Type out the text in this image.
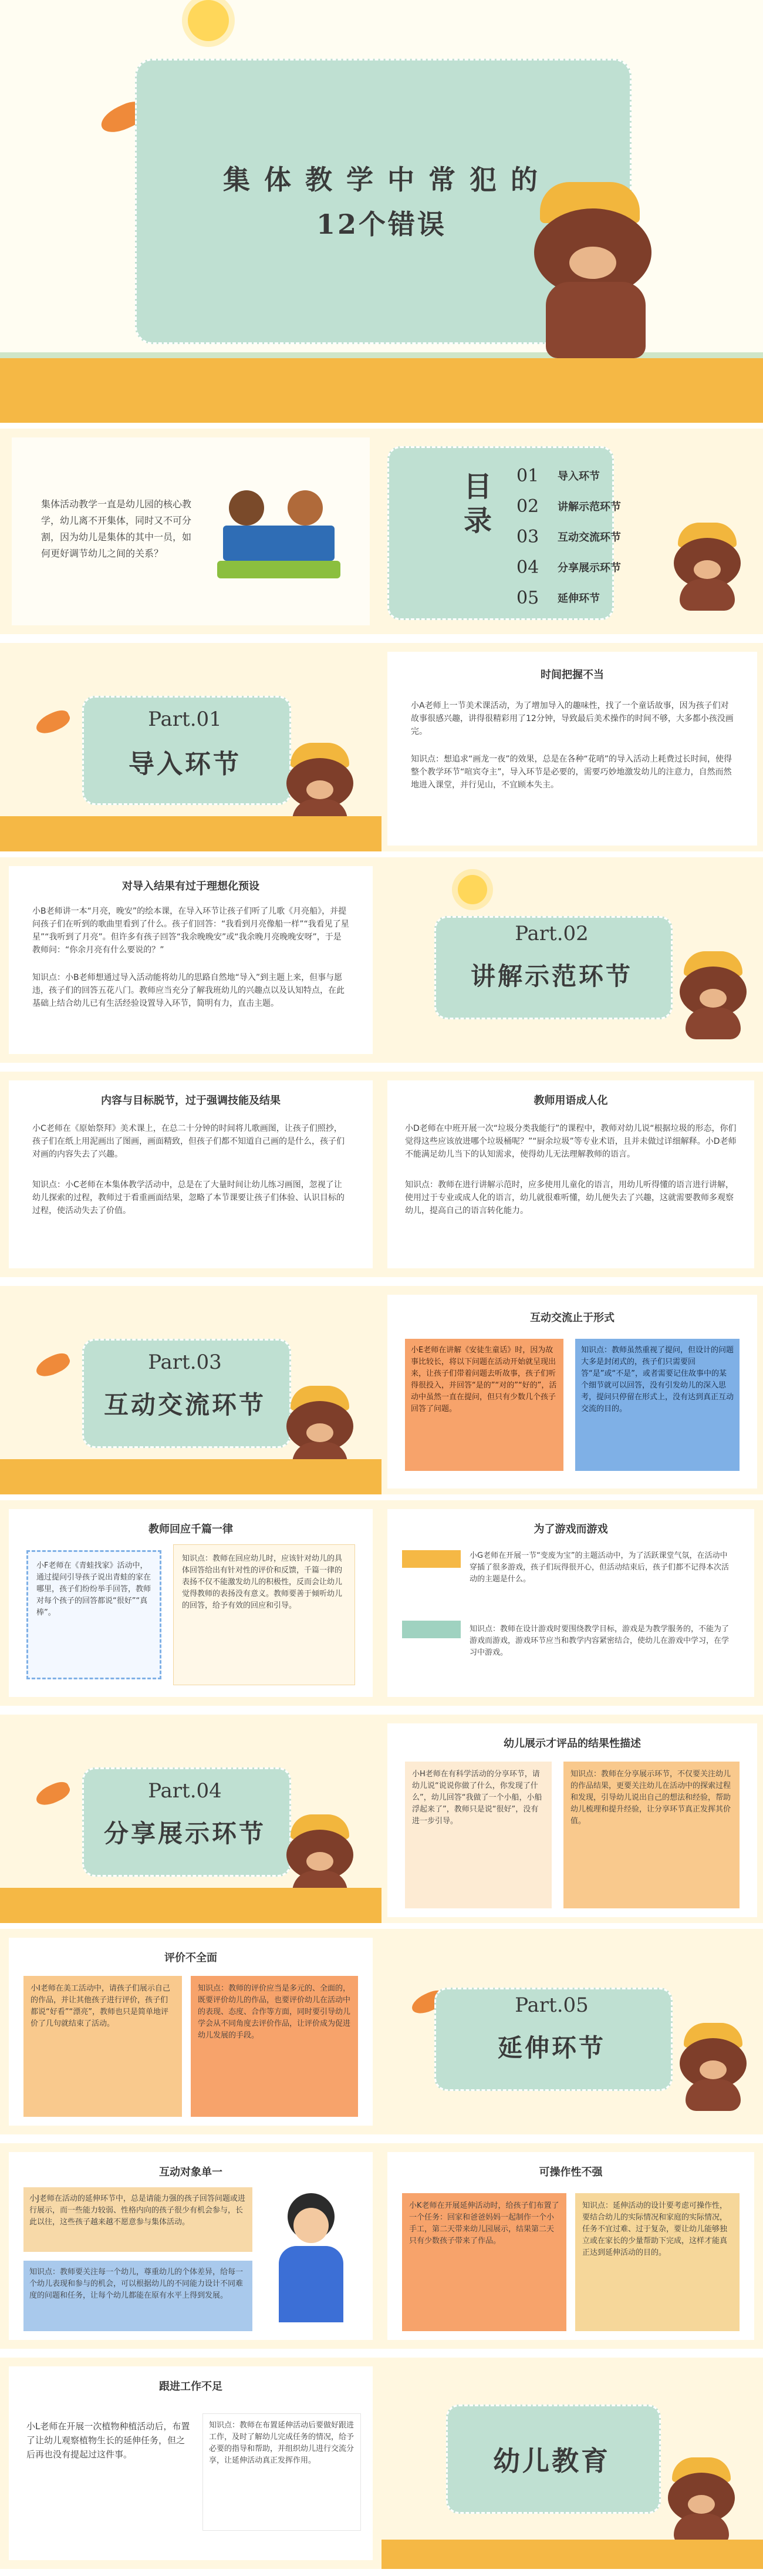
集 体 教 学 中 常 犯 的
12个错误

集体活动教学一直是幼儿园的核心教学，幼儿离不开集体，同时又不可分割，因为幼儿是集体的其中一员，如何更好调节幼儿之间的关系？

目录
01	导入环节
02	讲解示范环节
03	互动交流环节
04	分享展示环节
05	延伸环节
Part.01
导入环节
时间把握不当

小A老师上一节美术课活动，为了增加导入的趣味性，找了一个童话故事，因为孩子们对故事很感兴趣，讲得很精彩用了12分钟，导致最后美术操作的时间不够，大多都小孩没画完。

知识点：想追求“画龙一夜”的效果，总是在各种“花哨”的导入活动上耗费过长时间，使得整个教学环节“喧宾夺主”，导入环节是必要的，需要巧妙地激发幼儿的注意力，自然而然地进入课堂，并行见山，不宜顾本失主。

对导入结果有过于理想化预设

小B老师讲一本“月亮，晚安”的绘本课，在导入环节让孩子们听了儿歌《月亮船》，并提问孩子们在听到的歌曲里看到了什么。孩子们回答：“我看到月亮像船一样”“我看见了星星”“我听到了月亮”。但许多有孩子回答“我余晚晚安”或“我余晚月亮晚晚安呀”，于是教师问：“你余月亮有什么要说的？”

知识点：小B老师想通过导入活动能将幼儿的思路自然地“导入”到主题上来，但事与愿违，孩子们的回答五花八门。教师应当充分了解我班幼儿的兴趣点以及认知特点，在此基础上结合幼儿已有生活经验设置导入环节，简明有力，直击主题。

Part.02
讲解示范环节
内容与目标脱节，过于强调技能及结果

小C老师在《原始祭拜》美术课上，在总二十分钟的时间将儿歌画图，让孩子们照抄，孩子们在纸上用泥画出了图画，画面精致，但孩子们都不知道自己画的是什么，孩子们对画的内容失去了兴趣。

知识点：小C老师在本集体教学活动中，总是在了大量时间让幼儿练习画图，忽视了让幼儿探索的过程，教师过于看重画面结果，忽略了本节课要让孩子们体验、认识目标的过程，使活动失去了价值。

教师用语成人化

小D老师在中班开展一次“垃圾分类我能行”的课程中，教师对幼儿说“根据垃圾的形态，你们觉得这些应该放进哪个垃圾桶呢？”“厨余垃圾”等专业术语，且并未做过详细解释。小D老师不能满足幼儿当下的认知需求，使得幼儿无法理解教师的语言。

知识点：教师在进行讲解示范时，应多使用儿童化的语言，用幼儿听得懂的语言进行讲解，使用过于专业或成人化的语言，幼儿就很难听懂，幼儿便失去了兴趣，这就需要教师多观察幼儿，提高自己的语言转化能力。

Part.03
互动交流环节
互动交流止于形式
小E老师在讲解《安徒生童话》时，因为故事比较长，将以下问题在活动开始就呈现出来，让孩子们带着问题去听故事，孩子们听得很投入，并回答“是的”“对的”“好的”，活动中虽然一直在提问，但只有少数几个孩子回答了问题。
知识点：教师虽然重视了提问，但设计的问题大多是封闭式的，孩子们只需要回答“是”或“不是”，或者需要记住故事中的某个细节就可以回答，没有引发幼儿的深入思考，提问只停留在形式上，没有达到真正互动交流的目的。
教师回应千篇一律

小F老师在《青蛙找家》活动中，通过提问引导孩子说出青蛙的家在哪里，孩子们纷纷举手回答，教师对每个孩子的回答都说“很好”“真棒”。

知识点：教师在回应幼儿时，应该针对幼儿的具体回答给出有针对性的评价和反馈，千篇一律的表扬不仅不能激发幼儿的积极性，反而会让幼儿觉得教师的表扬没有意义。教师要善于倾听幼儿的回答，给予有效的回应和引导。

为了游戏而游戏

小G老师在开展一节“变废为宝”的主题活动中，为了活跃课堂气氛，在活动中穿插了很多游戏，孩子们玩得很开心，但活动结束后，孩子们都不记得本次活动的主题是什么。

知识点：教师在设计游戏时要围绕教学目标，游戏是为教学服务的，不能为了游戏而游戏，游戏环节应当和教学内容紧密结合，使幼儿在游戏中学习，在学习中游戏。

Part.04
分享展示环节
幼儿展示才评品的结果性描述

小H老师在有科学活动的分享环节，请幼儿说“说说你做了什么，你发现了什么”，幼儿回答“我做了一个小船，小船浮起来了”，教师只是说“很好”，没有进一步引导。

知识点：教师在分享展示环节，不仅要关注幼儿的作品结果，更要关注幼儿在活动中的探索过程和发现，引导幼儿说出自己的想法和经验，帮助幼儿梳理和提升经验，让分享环节真正发挥其价值。

评价不全面

小I老师在美工活动中，请孩子们展示自己的作品，并让其他孩子进行评价，孩子们都说“好看”“漂亮”，教师也只是简单地评价了几句就结束了活动。

知识点：教师的评价应当是多元的、全面的，既要评价幼儿的作品，也要评价幼儿在活动中的表现、态度、合作等方面，同时要引导幼儿学会从不同角度去评价作品，让评价成为促进幼儿发展的手段。

Part.05
延伸环节
互动对象单一

小J老师在活动的延伸环节中，总是请能力强的孩子回答问题或进行展示，而一些能力较弱、性格内向的孩子很少有机会参与，长此以往，这些孩子越来越不愿意参与集体活动。

知识点：教师要关注每一个幼儿，尊重幼儿的个体差异，给每一个幼儿表现和参与的机会，可以根据幼儿的不同能力设计不同难度的问题和任务，让每个幼儿都能在原有水平上得到发展。

可操作性不强

小K老师在开展延伸活动时，给孩子们布置了一个任务：回家和爸爸妈妈一起制作一个小手工，第二天带来幼儿园展示，结果第二天只有少数孩子带来了作品。

知识点：延伸活动的设计要考虑可操作性，要结合幼儿的实际情况和家庭的实际情况，任务不宜过难、过于复杂，要让幼儿能够独立或在家长的少量帮助下完成，这样才能真正达到延伸活动的目的。

跟进工作不足

小L老师在开展一次植物种植活动后，布置了让幼儿观察植物生长的延伸任务，但之后再也没有提起过这件事。

知识点：教师在布置延伸活动后要做好跟进工作，及时了解幼儿完成任务的情况，给予必要的指导和帮助，并组织幼儿进行交流分享，让延伸活动真正发挥作用。	幼儿教育
